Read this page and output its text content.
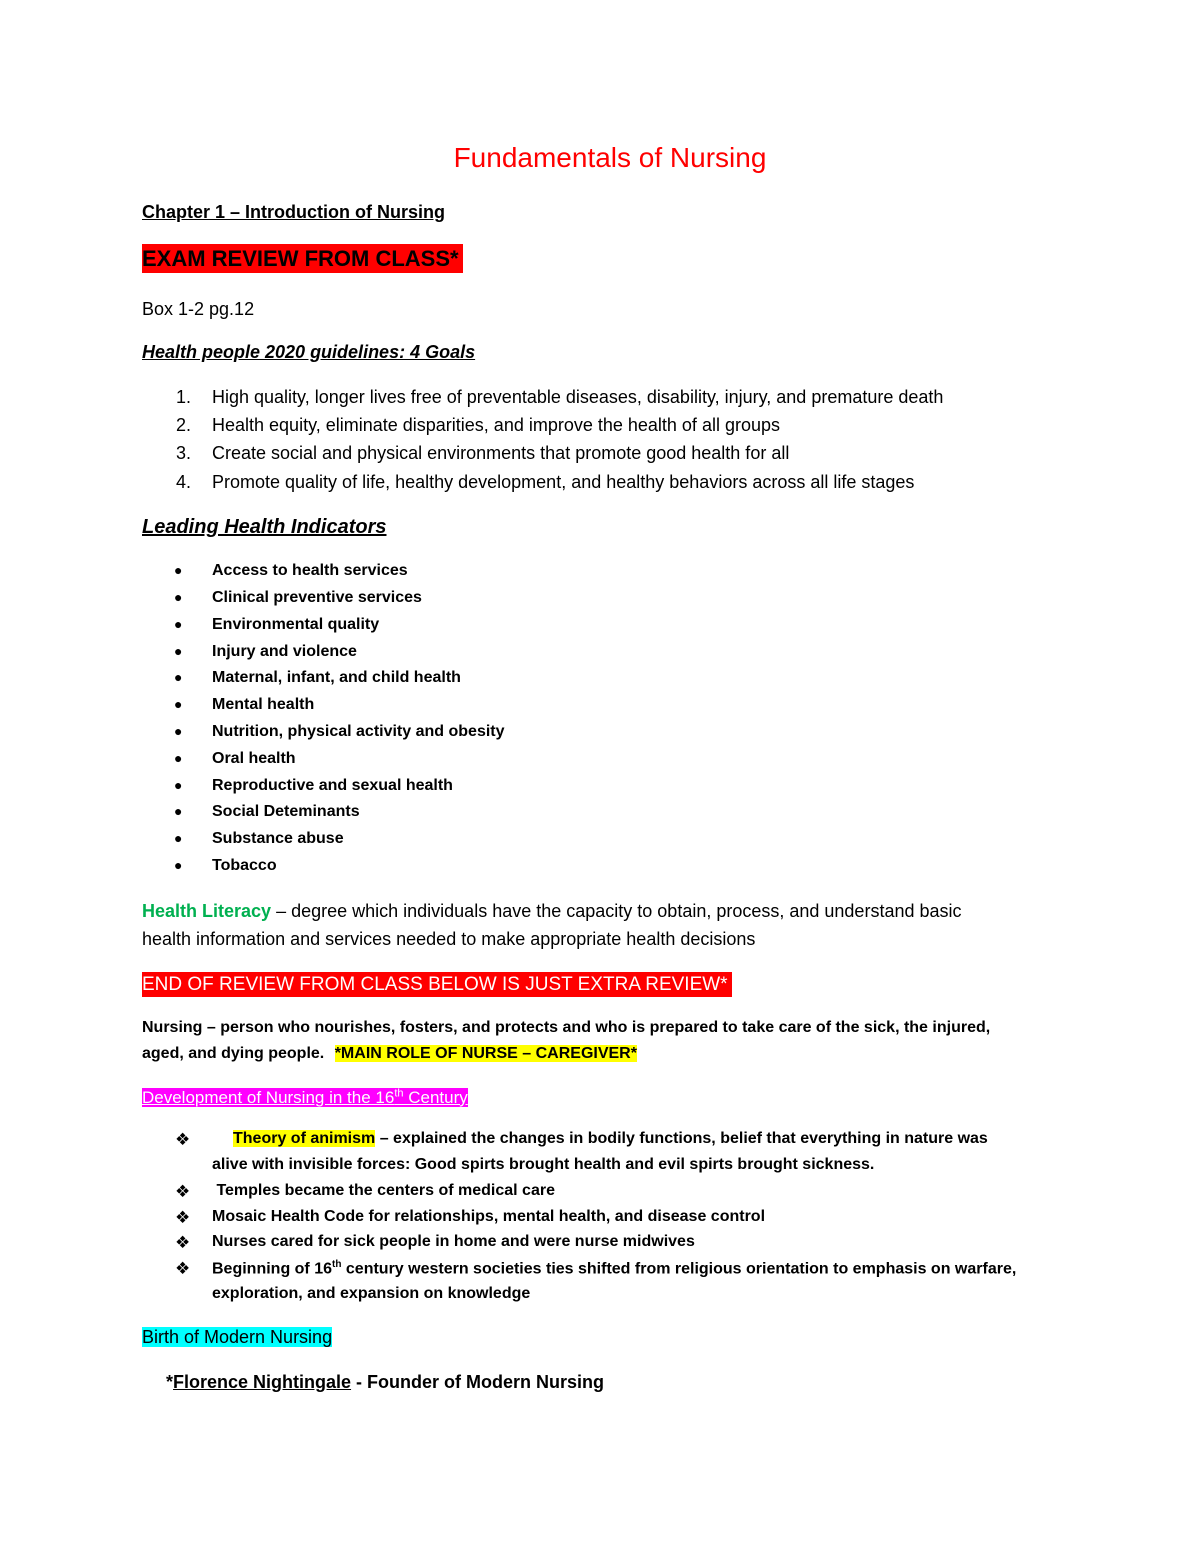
Fundamentals of Nursing
Chapter 1 – Introduction of Nursing
EXAM REVIEW FROM CLASS*
Box 1-2 pg.12
Health people 2020 guidelines: 4 Goals
1. High quality, longer lives free of preventable diseases, disability, injury, and premature death
2. Health equity, eliminate disparities, and improve the health of all groups
3. Create social and physical environments that promote good health for all
4. Promote quality of life, healthy development, and healthy behaviors across all life stages
Leading Health Indicators
● Access to health services
● Clinical preventive services
● Environmental quality
● Injury and violence
● Maternal, infant, and child health
● Mental health
● Nutrition, physical activity and obesity
● Oral health
● Reproductive and sexual health
● Social Deteminants
● Substance abuse
● Tobacco
Health Literacy – degree which individuals have the capacity to obtain, process, and understand basic
health information and services needed to make appropriate health decisions
END OF REVIEW FROM CLASS BELOW IS JUST EXTRA REVIEW*
Nursing – person who nourishes, fosters, and protects and who is prepared to take care of the sick, the injured,
aged, and dying people. *MAIN ROLE OF NURSE – CAREGIVER*
Development of Nursing in the 16th Century
❖	Theory of animism – explained the changes in bodily functions, belief that everything in nature was
alive with invisible forces: Good spirts brought health and evil spirts brought sickness.
❖ Temples became the centers of medical care
❖ Mosaic Health Code for relationships, mental health, and disease control
❖ Nurses cared for sick people in home and were nurse midwives
❖ Beginning of 16th century western societies ties shifted from religious orientation to emphasis on warfare,
exploration, and expansion on knowledge
Birth of Modern Nursing
*Florence Nightingale - Founder of Modern Nursing
